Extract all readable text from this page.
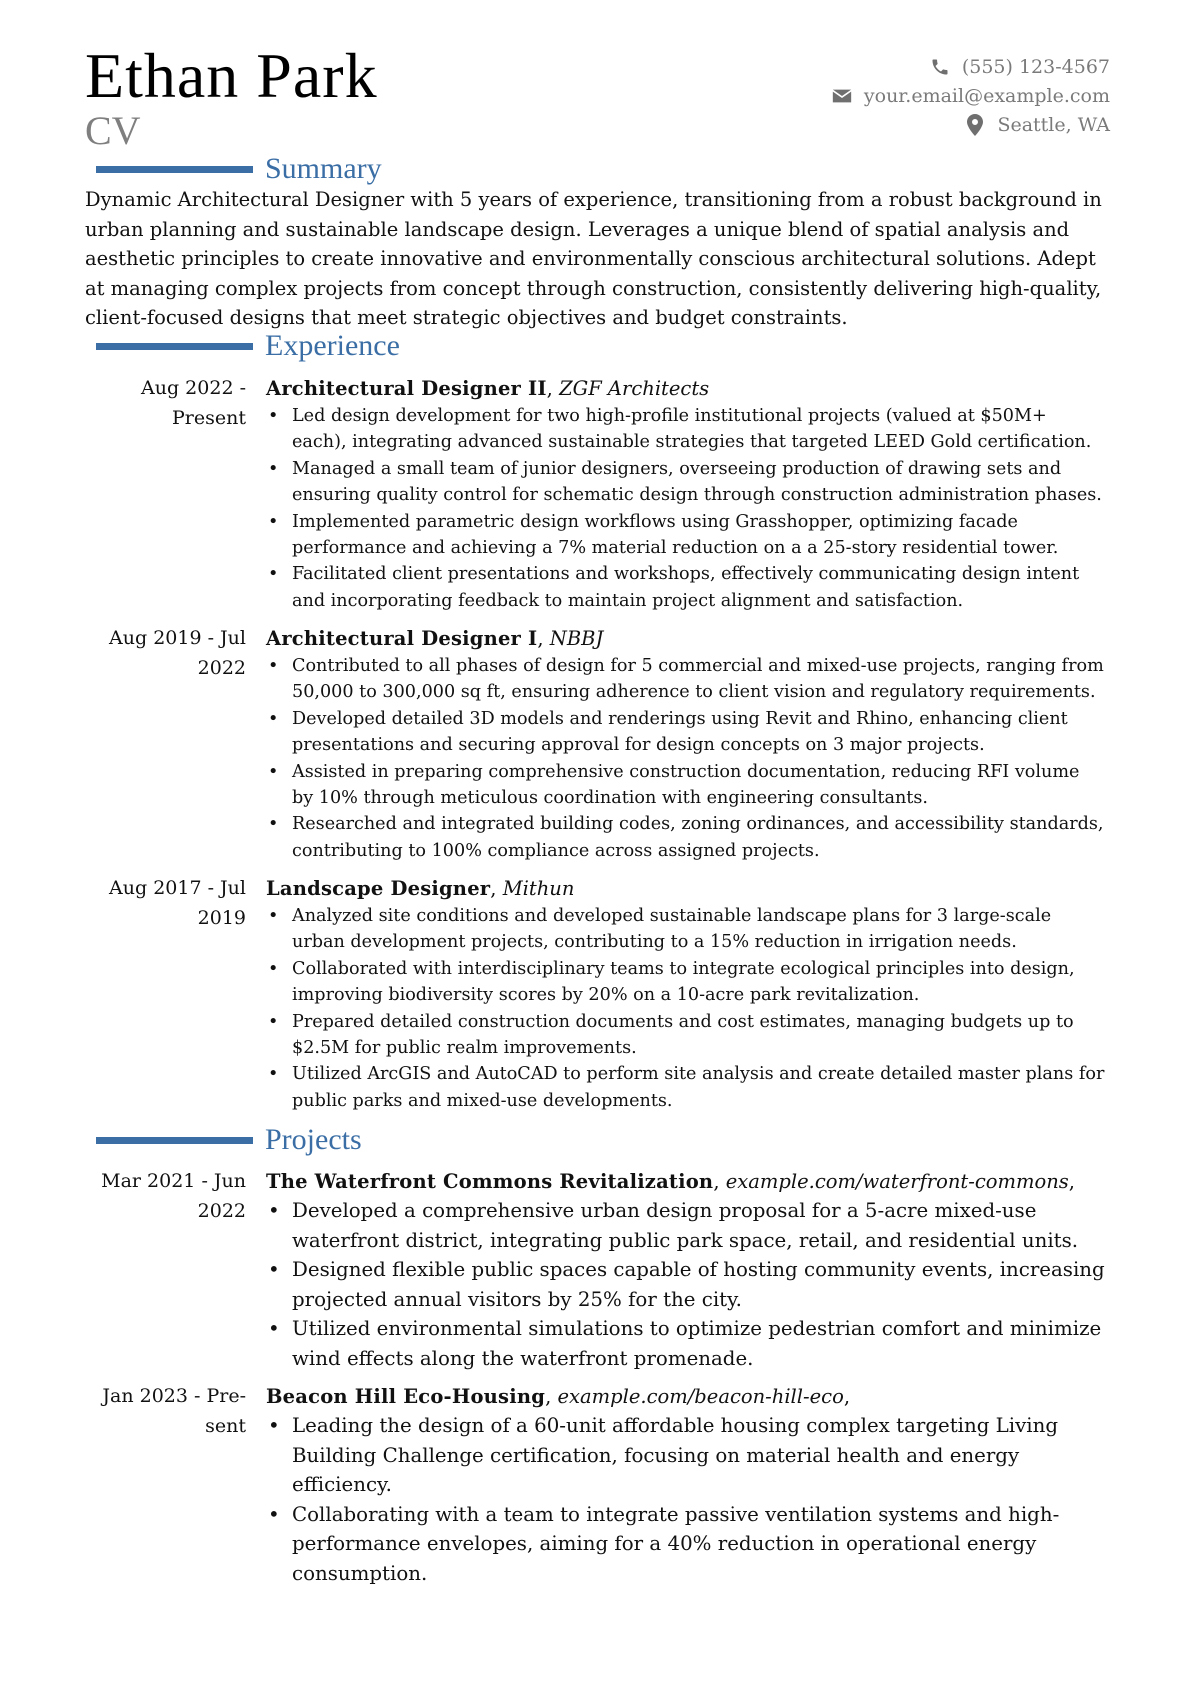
Ethan Park
CV
(555) 123-4567
your.email@example.com
Seattle, WA
Summary

Dynamic Architectural Designer with 5 years of experience, transitioning from a robust background in urban planning and sustainable landscape design. Leverages a unique blend of spatial analysis and aesthetic principles to create innovative and environmentally conscious architectural solutions. Adept at managing complex projects from concept through construction, consistently delivering high-quality, client-focused designs that meet strategic objectives and budget constraints.

Experience
Aug 2022 -
Present
Architectural Designer II, ZGF Architects
• Led design development for two high-profile institutional projects (valued at $50M+ each), integrating advanced sustainable strategies that targeted LEED Gold certification.
• Managed a small team of junior designers, overseeing production of drawing sets and ensuring quality control for schematic design through construction administration phases.
• Implemented parametric design workflows using Grasshopper, optimizing facade performance and achieving a 7% material reduction on a a 25-story residential tower.
• Facilitated client presentations and workshops, effectively communicating design intent and incorporating feedback to maintain project alignment and satisfaction.
Aug 2019 - Jul
2022
Architectural Designer I, NBBJ
• Contributed to all phases of design for 5 commercial and mixed-use projects, ranging from 50,000 to 300,000 sq ft, ensuring adherence to client vision and regulatory requirements.
• Developed detailed 3D models and renderings using Revit and Rhino, enhancing client presentations and securing approval for design concepts on 3 major projects.
• Assisted in preparing comprehensive construction documentation, reducing RFI volume by 10% through meticulous coordination with engineering consultants.
• Researched and integrated building codes, zoning ordinances, and accessibility standards, contributing to 100% compliance across assigned projects.
Aug 2017 - Jul
2019
Landscape Designer, Mithun
• Analyzed site conditions and developed sustainable landscape plans for 3 large-scale urban development projects, contributing to a 15% reduction in irrigation needs.
• Collaborated with interdisciplinary teams to integrate ecological principles into design, improving biodiversity scores by 20% on a 10-acre park revitalization.
• Prepared detailed construction documents and cost estimates, managing budgets up to $2.5M for public realm improvements.
• Utilized ArcGIS and AutoCAD to perform site analysis and create detailed master plans for public parks and mixed-use developments.
Projects
Mar 2021 - Jun
2022
The Waterfront Commons Revitalization, example.com/waterfront-commons,
• Developed a comprehensive urban design proposal for a 5-acre mixed-use waterfront district, integrating public park space, retail, and residential units.
• Designed flexible public spaces capable of hosting community events, increasing projected annual visitors by 25% for the city.
• Utilized environmental simulations to optimize pedestrian comfort and minimize wind effects along the waterfront promenade.
Jan 2023 - Pre-
sent
Beacon Hill Eco-Housing, example.com/beacon-hill-eco,
• Leading the design of a 60-unit affordable housing complex targeting Living Building Challenge certification, focusing on material health and energy efficiency.
• Collaborating with a team to integrate passive ventilation systems and high-performance envelopes, aiming for a 40% reduction in operational energy consumption.
